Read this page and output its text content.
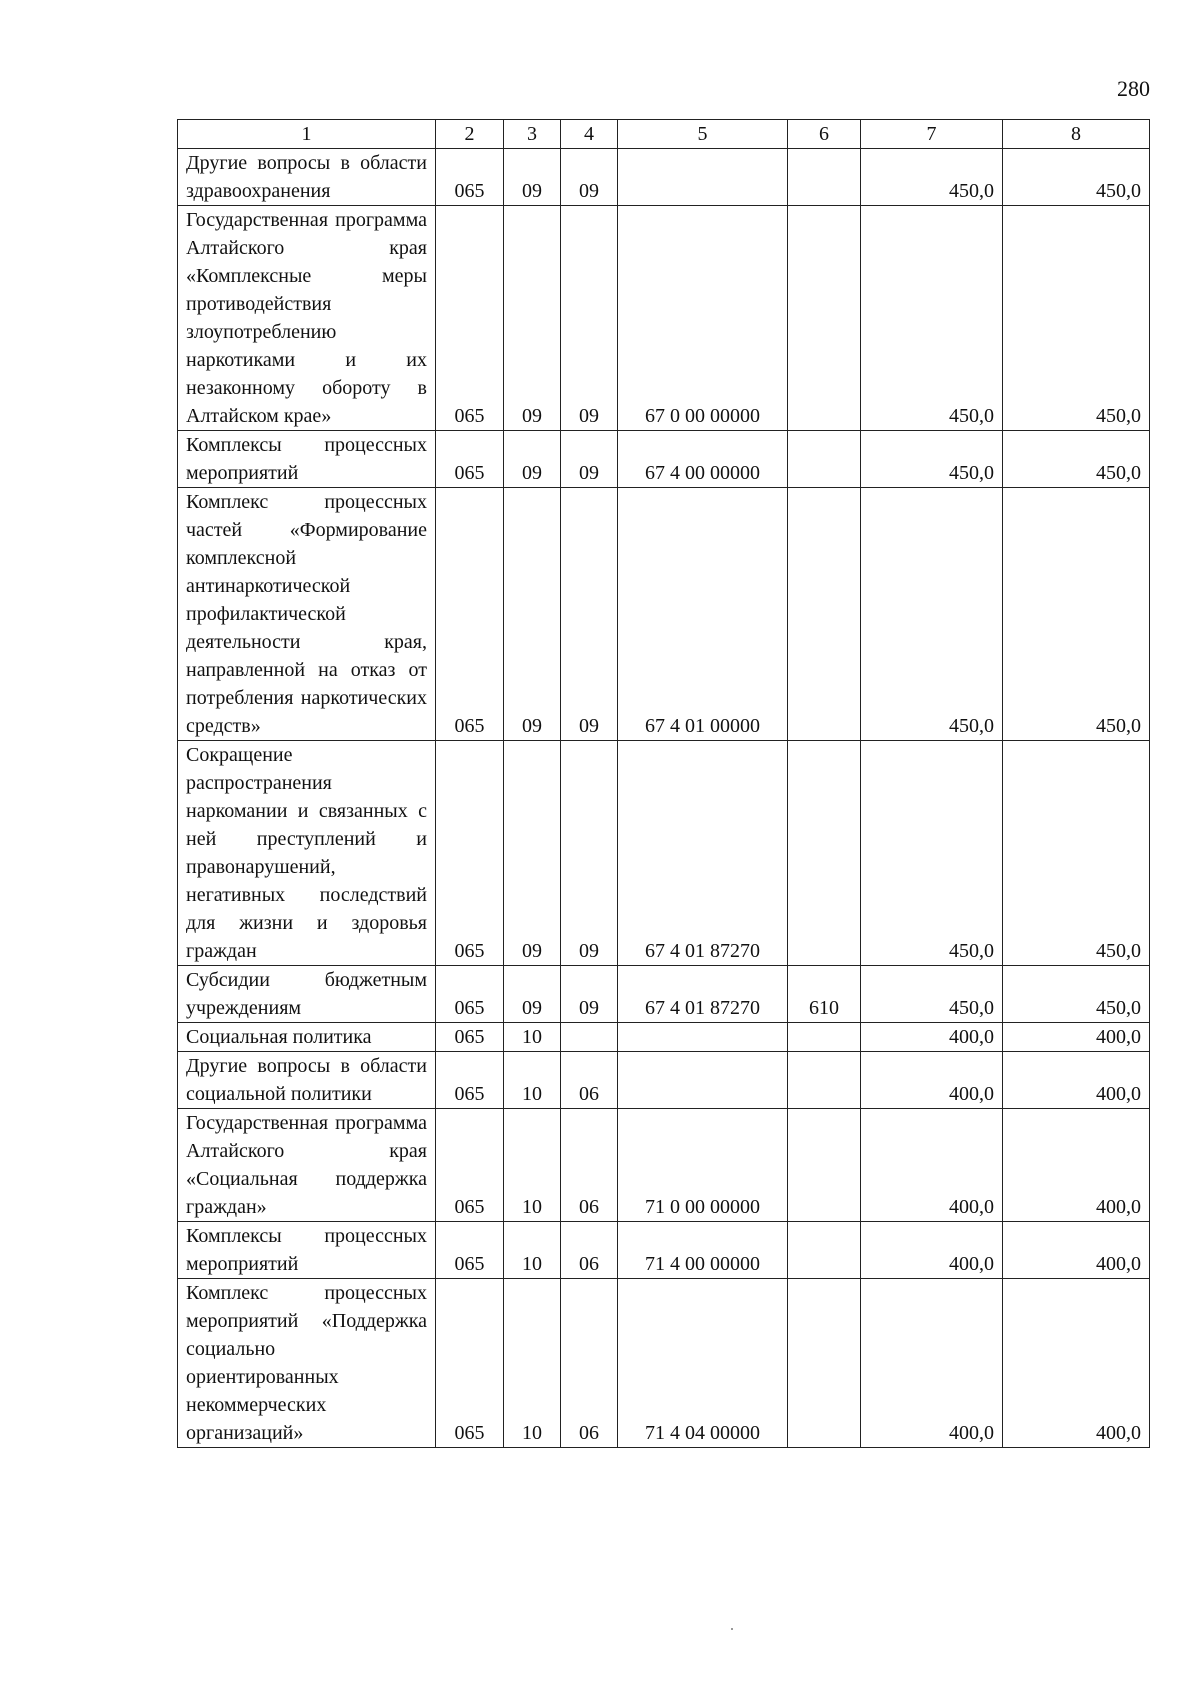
280
1	2	3	4	5	6	7	8
Другие вопросы в области здравоохранения	065	09	09			450,0	450,0
Государственная программа Алтайского края «Комплексные меры противодействия злоупотреблению наркотиками и их незаконному обороту в Алтайском крае»	065	09	09	67 0 00 00000		450,0	450,0
Комплексы процессных мероприятий	065	09	09	67 4 00 00000		450,0	450,0
Комплекс процессных частей «Формирование комплексной антинаркотической профилактической деятельности края, направленной на отказ от потребления наркотических средств»	065	09	09	67 4 01 00000		450,0	450,0
Сокращение распространения наркомании и связанных с ней преступлений и правонарушений, негативных последствий для жизни и здоровья граждан	065	09	09	67 4 01 87270		450,0	450,0
Субсидии бюджетным учреждениям	065	09	09	67 4 01 87270	610	450,0	450,0
Социальная политика	065	10				400,0	400,0
Другие вопросы в области социальной политики	065	10	06			400,0	400,0
Государственная программа Алтайского края «Социальная поддержка граждан»	065	10	06	71 0 00 00000		400,0	400,0
Комплексы процессных мероприятий	065	10	06	71 4 00 00000		400,0	400,0
Комплекс процессных мероприятий «Поддержка социально ориентированных некоммерческих организаций»	065	10	06	71 4 04 00000		400,0	400,0
